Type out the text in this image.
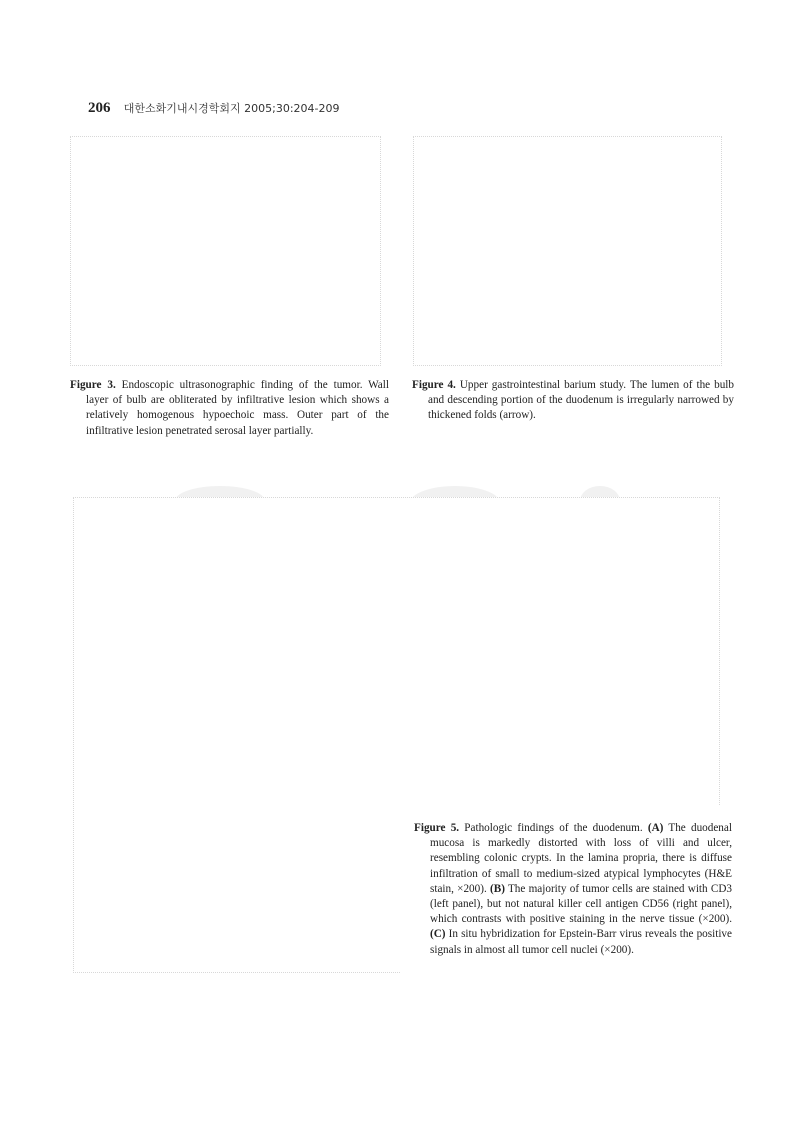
206 대한소화기내시경학회지 2005;30:204-209
Figure 3. Endoscopic ultrasonographic finding of the tumor. Wall layer of bulb are obliterated by infiltrative lesion which shows a relatively homogenous hypoechoic mass. Outer part of the infiltrative lesion penetrated serosal layer partially.
Figure 4. Upper gastrointestinal barium study. The lumen of the bulb and descending portion of the duodenum is irregularly narrowed by thickened folds (arrow).
Figure 5. Pathologic findings of the duodenum. (A) The duodenal mucosa is markedly distorted with loss of villi and ulcer, resembling colonic crypts. In the lamina propria, there is diffuse infiltration of small to medium-sized atypical lymphocytes (H&E stain, ×200). (B) The majority of tumor cells are stained with CD3 (left panel), but not natural killer cell antigen CD56 (right panel), which contrasts with positive staining in the nerve tissue (×200). (C) In situ hybridization for Epstein-Barr virus reveals the positive signals in almost all tumor cell nuclei (×200).
